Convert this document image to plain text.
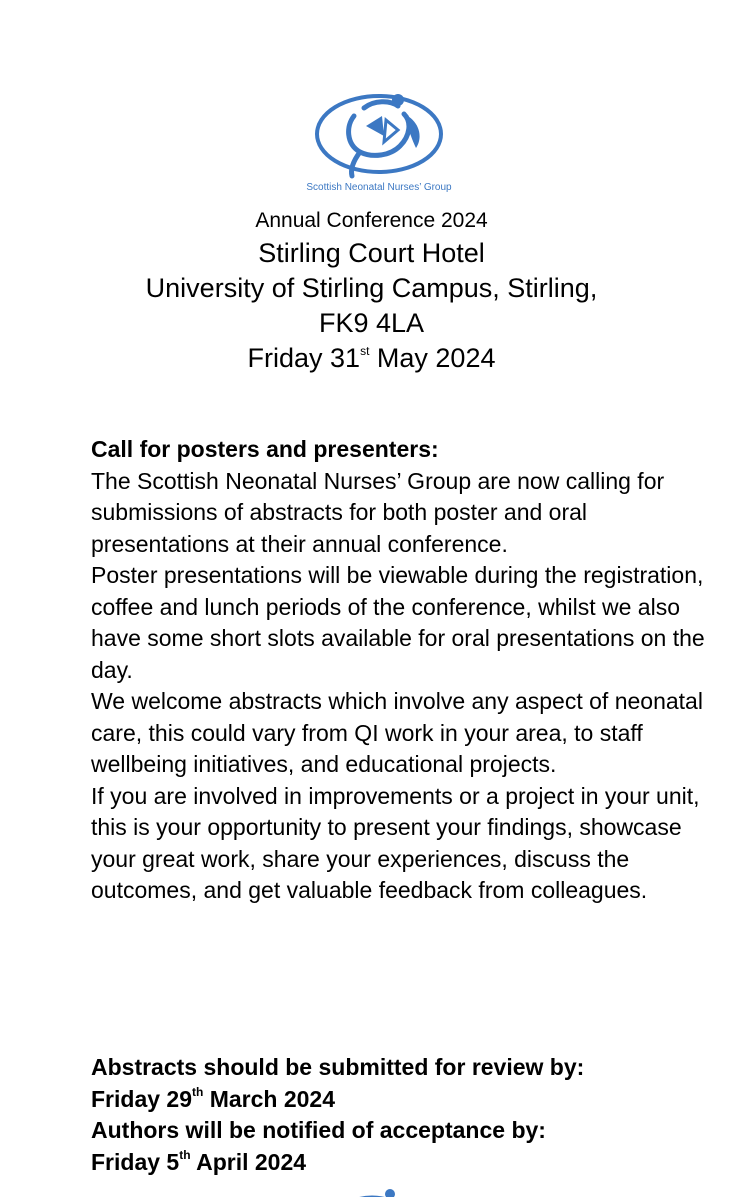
Scottish Neonatal Nurses’ Group
Annual Conference 2024
Stirling Court Hotel
University of Stirling Campus, Stirling,
FK9 4LA
Friday 31st May 2024

Call for posters and presenters:

The Scottish Neonatal Nurses’ Group are now calling for submissions of abstracts for both poster and oral presentations at their annual conference.

Poster presentations will be viewable during the registration, coffee and lunch periods of the conference, whilst we also have some short slots available for oral presentations on the day.

We welcome abstracts which involve any aspect of neonatal care, this could vary from QI work in your area, to staff wellbeing initiatives, and educational projects.

If you are involved in improvements or a project in your unit, this is your opportunity to present your findings, showcase your great work, share your experiences, discuss the outcomes, and get valuable feedback from colleagues.

Abstracts should be submitted for review by:

Friday 29th March 2024

Authors will be notified of acceptance by:

Friday 5th April 2024
